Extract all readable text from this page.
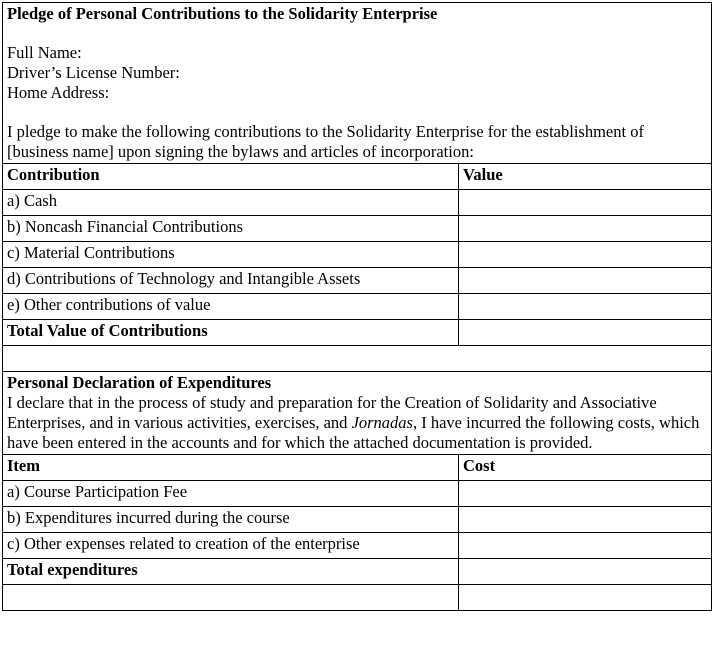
Pledge of Personal Contributions to the Solidarity Enterprise
Full Name:
Driver’s License Number:
Home Address:
I pledge to make the following contributions to the Solidarity Enterprise for the establishment of [business name] upon signing the bylaws and articles of incorporation:	

Contribution	Value
a) Cash	
b) Noncash Financial Contributions	
c) Material Contributions	
d) Contributions of Technology and Intangible Assets	
e) Other contributions of value	
Total Value of Contributions	

Personal Declaration of Expenditures
I declare that in the process of study and preparation for the Creation of Solidarity and Associative Enterprises, and in various activities, exercises, and Jornadas, I have incurred the following costs, which have been entered in the accounts and for which the attached documentation is provided.	

Item	Cost
a) Course Participation Fee	
b) Expenditures incurred during the course	
c) Other expenses related to creation of the enterprise	
Total expenditures	
